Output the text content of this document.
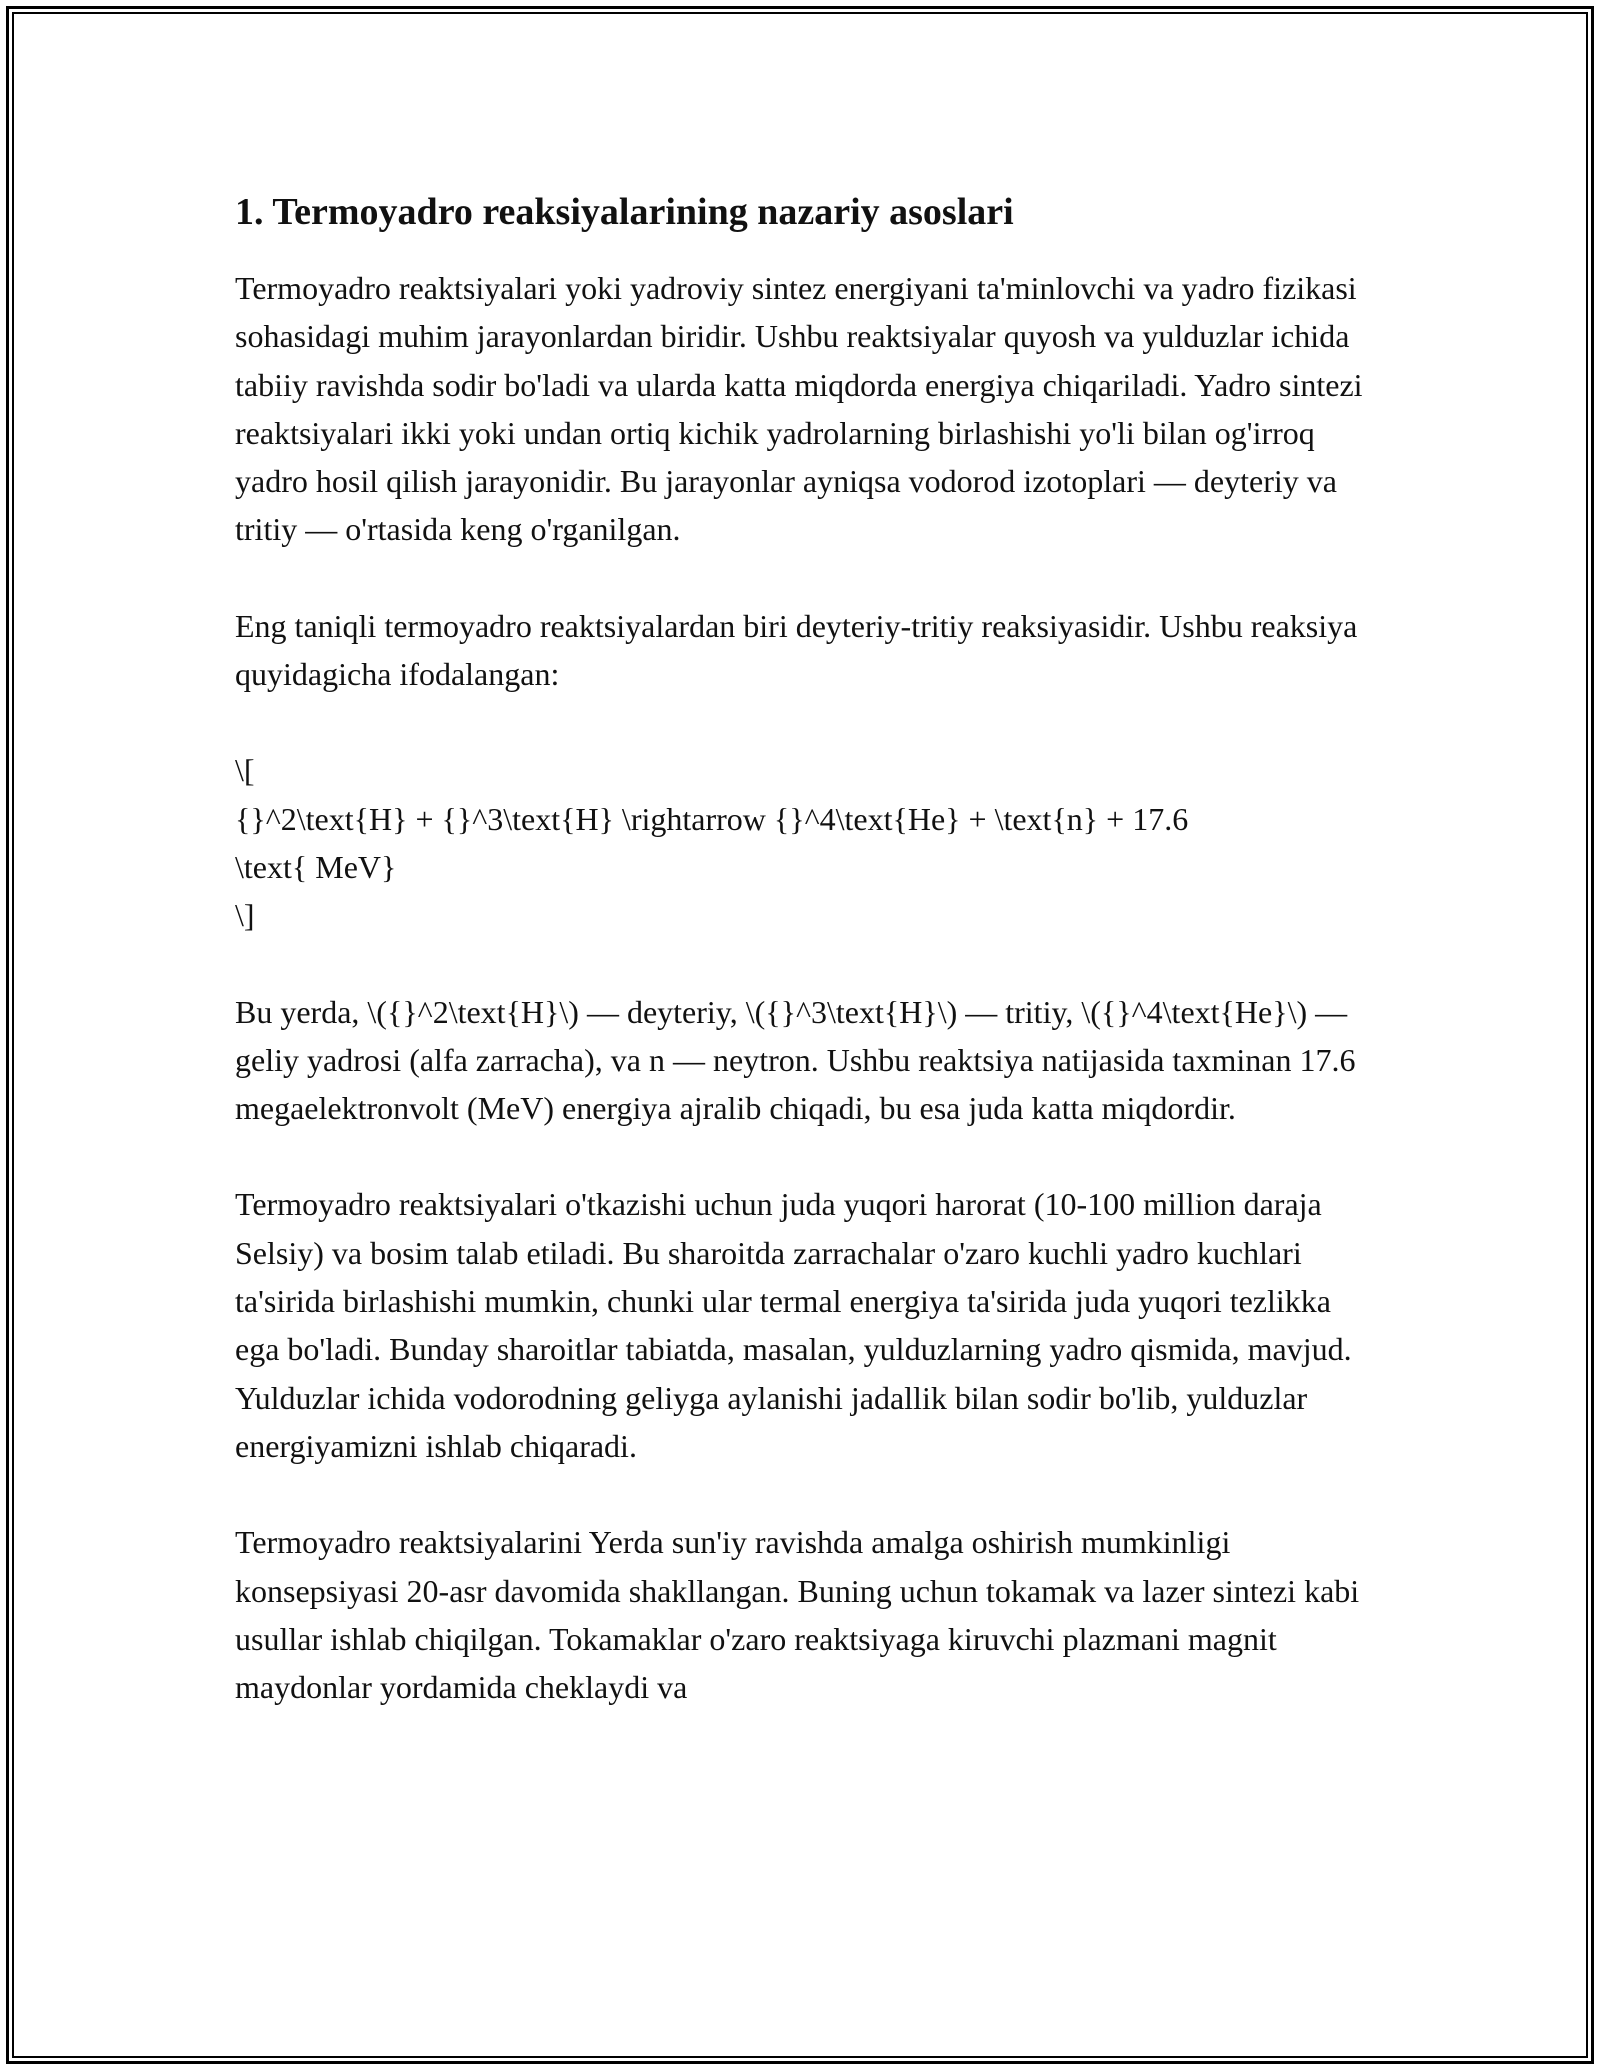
1. Termoyadro reaksiyalarining nazariy asoslari

Termoyadro reaktsiyalari yoki yadroviy sintez energiyani ta'minlovchi va yadro fizikasi sohasidagi muhim jarayonlardan biridir. Ushbu reaktsiyalar quyosh va yulduzlar ichida tabiiy ravishda sodir bo'ladi va ularda katta miqdorda energiya chiqariladi. Yadro sintezi reaktsiyalari ikki yoki undan ortiq kichik yadrolarning birlashishi yo'li bilan og'irroq yadro hosil qilish jarayonidir. Bu jarayonlar ayniqsa vodorod izotoplari — deyteriy va tritiy — o'rtasida keng o'rganilgan.

Eng taniqli termoyadro reaktsiyalardan biri deyteriy-tritiy reaksiyasidir. Ushbu reaksiya quyidagicha ifodalangan:

\[
{}^2\text{H} + {}^3\text{H} \rightarrow {}^4\text{He} + \text{n} + 17.6
\text{ MeV}
\]

Bu yerda, \({}^2\text{H}\) — deyteriy, \({}^3\text{H}\) — tritiy, \({}^4\text{He}\) — geliy yadrosi (alfa zarracha), va n — neytron. Ushbu reaktsiya natijasida taxminan 17.6 megaelektronvolt (MeV) energiya ajralib chiqadi, bu esa juda katta miqdordir.

Termoyadro reaktsiyalari o'tkazishi uchun juda yuqori harorat (10-100 million daraja Selsiy) va bosim talab etiladi. Bu sharoitda zarrachalar o'zaro kuchli yadro kuchlari ta'sirida birlashishi mumkin, chunki ular termal energiya ta'sirida juda yuqori tezlikka ega bo'ladi. Bunday sharoitlar tabiatda, masalan, yulduzlarning yadro qismida, mavjud. Yulduzlar ichida vodorodning geliyga aylanishi jadallik bilan sodir bo'lib, yulduzlar energiyamizni ishlab chiqaradi.

Termoyadro reaktsiyalarini Yerda sun'iy ravishda amalga oshirish mumkinligi konsepsiyasi 20-asr davomida shakllangan. Buning uchun tokamak va lazer sintezi kabi usullar ishlab chiqilgan. Tokamaklar o'zaro reaktsiyaga kiruvchi plazmani magnit maydonlar yordamida cheklaydi va
